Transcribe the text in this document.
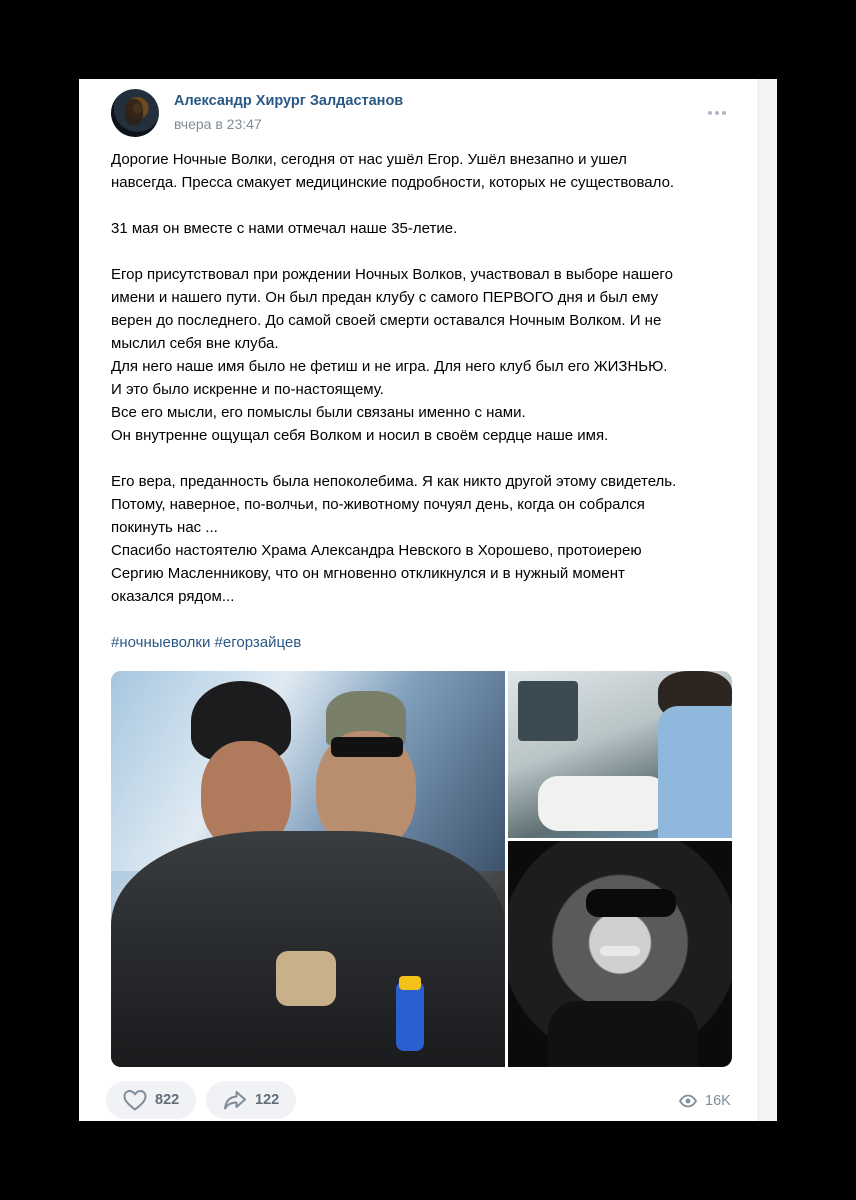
Александр Хирург Залдастанов
вчера в 23:47

Дорогие Ночные Волки, сегодня от нас ушёл Егор. Ушёл внезапно и ушел

навсегда. Пресса смакует медицинские подробности, которых не существовало.

31 мая он вместе с нами отмечал наше 35-летие.

Егор присутствовал при рождении Ночных Волков, участвовал в выборе нашего

имени и нашего пути. Он был предан клубу с самого ПЕРВОГО дня и был ему

верен до последнего. До самой своей смерти оставался Ночным Волком. И не

мыслил себя вне клуба.

Для него наше имя было не фетиш и не игра. Для него клуб был его ЖИЗНЬЮ.

И это было искренне и по-настоящему.

Все его мысли, его помыслы были связаны именно с нами.

Он внутренне ощущал себя Волком и носил в своём сердце наше имя.

Его вера, преданность была непоколебима. Я как никто другой этому свидетель.

Потому, наверное, по-волчьи, по-животному почуял день, когда он собрался

покинуть нас ...

Спасибо настоятелю Храма Александра Невского в Хорошево, протоиерею

Сергию Масленникову, что он мгновенно откликнулся и в нужный момент

оказался рядом...

#ночныеволки #егорзайцев
822	122	16K
